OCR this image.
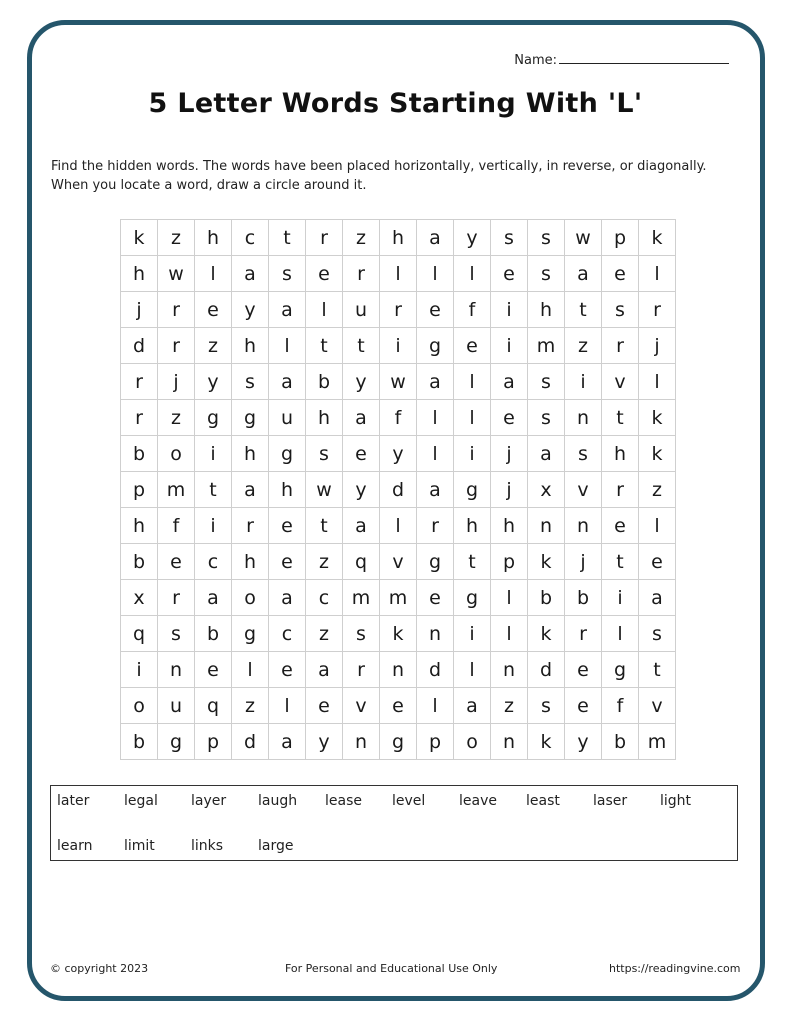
Name:
5 Letter Words Starting With 'L'
Find the hidden words. The words have been placed horizontally, vertically, in reverse, or diagonally. When you locate a word, draw a circle around it.
k	z	h	c	t	r	z	h	a	y	s	s	w	p	k
h	w	l	a	s	e	r	l	l	l	e	s	a	e	l
j	r	e	y	a	l	u	r	e	f	i	h	t	s	r
d	r	z	h	l	t	t	i	g	e	i	m	z	r	j
r	j	y	s	a	b	y	w	a	l	a	s	i	v	l
r	z	g	g	u	h	a	f	l	l	e	s	n	t	k
b	o	i	h	g	s	e	y	l	i	j	a	s	h	k
p	m	t	a	h	w	y	d	a	g	j	x	v	r	z
h	f	i	r	e	t	a	l	r	h	h	n	n	e	l
b	e	c	h	e	z	q	v	g	t	p	k	j	t	e
x	r	a	o	a	c	m	m	e	g	l	b	b	i	a
q	s	b	g	c	z	s	k	n	i	l	k	r	l	s
i	n	e	l	e	a	r	n	d	l	n	d	e	g	t
o	u	q	z	l	e	v	e	l	a	z	s	e	f	v
b	g	p	d	a	y	n	g	p	o	n	k	y	b	m
later legal layer laugh lease level leave least laser light
learn limit	links large
© copyright 2023	For Personal and Educational Use Only	https://readingvine.com
